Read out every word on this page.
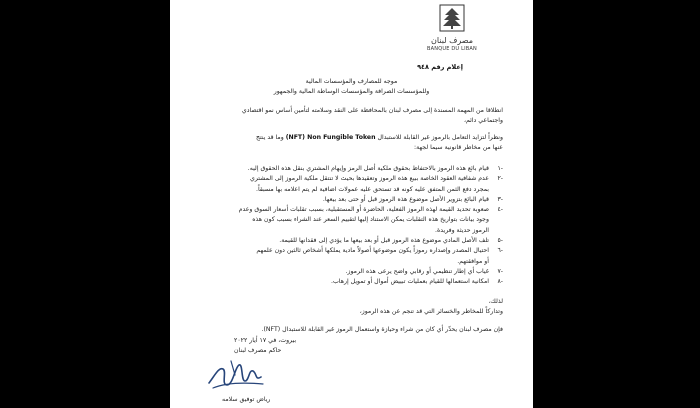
مصرف لبنان
BANQUE DU LIBAN
إعلام رقم ٩٤٨
موجه للمصارف والمؤسسات المالية
وللمؤسسات الصرافة والمؤسسات الوساطة المالية والجمهور
انطلاقا من المهمة المسندة إلى مصرف لبنان بالمحافظة على النقد وسلامته لتأمين أساس نمو اقتصادي
واجتماعي دائم،
ونظراً لتزايد التعامل بالرموز غير القابلة للاستبدال (NFT) Non Fungible Token وما قد ينتج
عنها من مخاطر قانونية سيما لجهة:
-١
قيام بائع هذه الرموز بالاحتفاظ بحقوق ملكية أصل الرمز وإيهام المشتري بنقل هذه الحقوق إليه.
-٢
عدم شفافية العقود الخاصة ببيع هذه الرموز وتعقيدها بحيث لا تنتقل ملكية الرموز إلى المشتري
بمجرد دفع الثمن المتفق عليه كونه قد تستحق عليه عمولات اضافية لم يتم اعلامه بها مسبقاً.
-٣
قيام البائع بتزوير الأصل موضوع هذه الرموز قبل أو حتى بعد بيعها.
-٤
صعوبة تحديد القيمة لهذه الرموز الفعلية، الحاضرة أو المستقبلية، بسبب تقلبات أسعار السوق وعدم
وجود بيانات بتواريخ هذه التقلبات يمكن الاستناد إليها لتقييم السعر عند الشراء بسبب كون هذه
الرموز حديثة وفريدة.
-٥
تلف الأصل المادي موضوع هذه الرموز قبل أو بعد بيعها ما يؤدي إلى فقدانها للقيمة.
-٦
احتيال المصدر وإصداره رموزاً يكون موضوعها أصولاً مادية يملكها أشخاص ثالثين دون علمهم
أو موافقتهم.
-٧
غياب أي إطار تنظيمي أو رقابي واضح يرعى هذه الرموز.
-٨
امكانية استعمالها للقيام بعمليات تبييض أموال أو تمويل إرهاب.
لذلك،
وتداركاً للمخاطر والخسائر التي قد تنجم عن هذه الرموز،
فإن مصرف لبنان يحذّر أي كان من شراء وحيازة واستعمال الرموز غير القابلة للاستبدال (NFT).
بيروت، في ١٧ أيار ٢٠٢٢
حاكم مصرف لبنان
رياض توفيق سلامه
